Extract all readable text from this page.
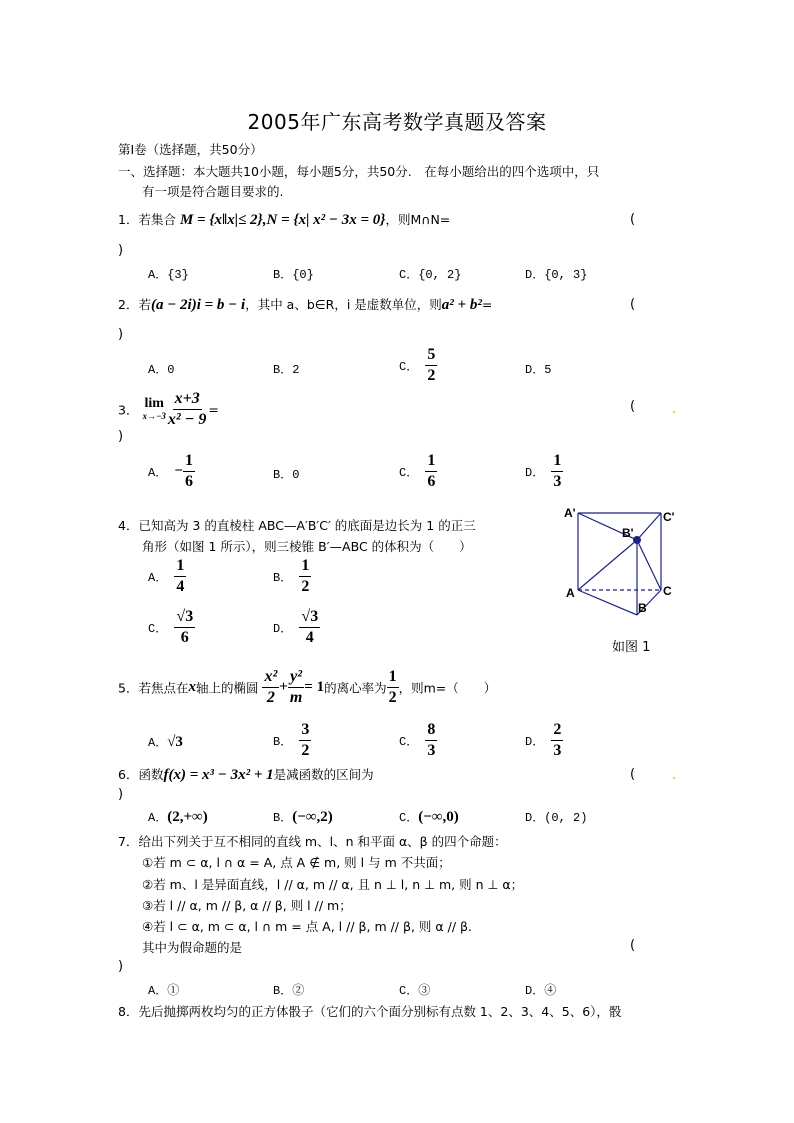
2005年广东高考数学真题及答案
第Ⅰ卷（选择题，共50分）
一、选择题：本大题共10小题，每小题5分，共50分.　在每小题给出的四个选项中，只
有一项是符合题目要求的.
1．若集合 M = {x‖x|≤ 2},N = {x| x² − 3x = 0}，则M∩N=	(
)
A．{3}	B．{0}	C．{0, 2}	D．{0, 3}
2．若(a − 2i)i = b − i，其中 a、b∈R，i 是虚数单位，则a² + b²=	(
)
A．0	B．2	C． $\frac{5}{2}$	D．5
3． lim
$x\to-3 \frac{x+3}{\text{x² − 9}}$ =	(
)
A． − $\frac{1}{6}$	B．0	C． $\frac{1}{6}$	D． $\frac{1}{3}$
4．已知高为 3 的直棱柱 ABC—A′B′C′ 的底面是边长为 1 的正三
角形（如图 1 所示），则三棱锥 B′—ABC 的体积为（　　）
A． $\frac{1}{4}$	B． $\frac{1}{2}$
C． $\frac{√3}{6}$	D． $\frac{√3}{4}$
A'	C'
B'
A	C
B
如图 1
5．若焦点在x轴上的椭圆 $\frac{\text{x²}}{2} + \frac{\text{y²}}{m} = 1$的离心率为 $\frac{1}{2}$ ，则m=（　　）
A．√3	B． $\frac{3}{2}$	C． $\frac{8}{3}$	D． $\frac{2}{3}$
6．函数f(x) = x³ − 3x² + 1是减函数的区间为	(
)
A．(2,+∞)	B．(−∞,2)	C．(−∞,0)	D．(0, 2)
7．给出下列关于互不相同的直线 m、l、n 和平面 α、β 的四个命题：
①若 m ⊂ α, l ∩ α = A, 点 A ∉ m, 则 l 与 m 不共面；
②若 m、l 是异面直线，l // α, m // α, 且 n ⊥ l, n ⊥ m, 则 n ⊥ α；
③若 l // α, m // β, α // β, 则 l // m；
④若 l ⊂ α, m ⊂ α, l ∩ m = 点 A, l // β, m // β, 则 α // β.
其中为假命题的是	(
)
A．①	B．②	C．③	D．④
8．先后抛掷两枚均匀的正方体骰子（它们的六个面分别标有点数 1、2、3、4、5、6），骰
